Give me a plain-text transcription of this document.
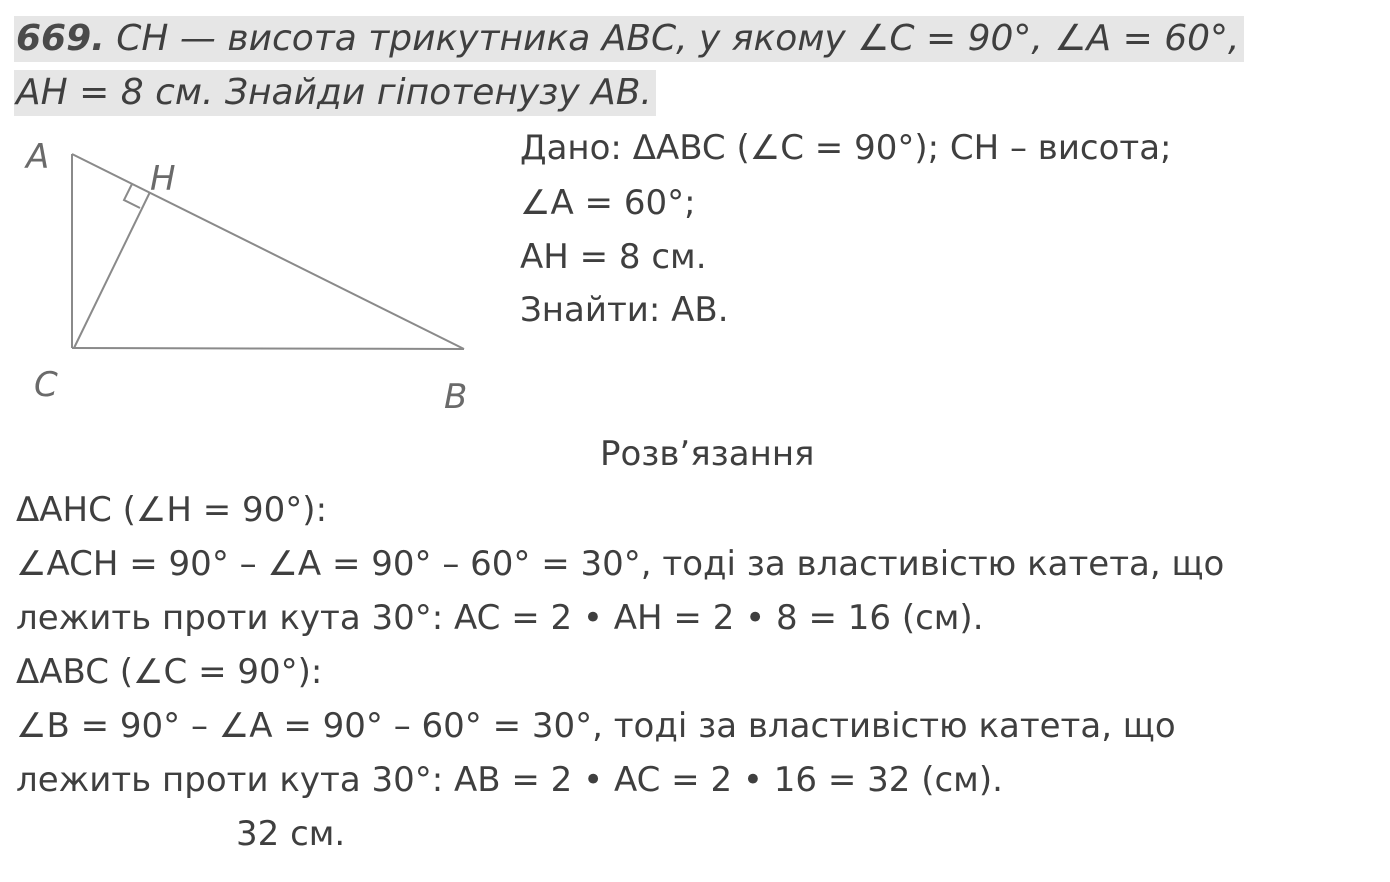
669. CH — висота трикутника ABC, у якому ∠C = 90°, ∠A = 60°,
AH = 8 см. Знайди гіпотенузу AB.
A
H
C	B
Дано: ΔABC (∠C = 90°); CH – висота;
∠A = 60°;
AH = 8 см.
Знайти: AB.
Розв’язання
ΔAHC (∠H = 90°):
∠ACH = 90° – ∠A = 90° – 60° = 30°, тоді за властивістю катета, що
лежить проти кута 30°: AC = 2 • AH = 2 • 8 = 16 (см).
ΔABC (∠C = 90°):
∠B = 90° – ∠A = 90° – 60° = 30°, тоді за властивістю катета, що
лежить проти кута 30°: AB = 2 • AC = 2 • 16 = 32 (см).
32 см.
